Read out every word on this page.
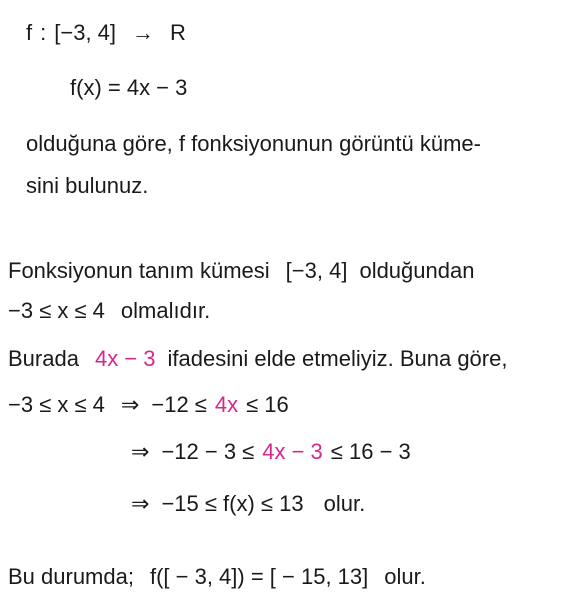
f : [−3, 4] → R
f(x) = 4x − 3
olduğuna göre, f fonksiyonunun görüntü küme-
sini bulunuz.
Fonksiyonun tanım kümesi [−3, 4] olduğundan
−3 ≤ x ≤ 4 olmalıdır.
Burada 4x − 3 ifadesini elde etmeliyiz. Buna göre,
−3 ≤ x ≤ 4 ⇒ −12 ≤ 4x ≤ 16
⇒ −12 − 3 ≤ 4x − 3 ≤ 16 − 3
⇒ −15 ≤ f(x) ≤ 13 olur.
Bu durumda; f([ − 3, 4]) = [ − 15, 13] olur.
